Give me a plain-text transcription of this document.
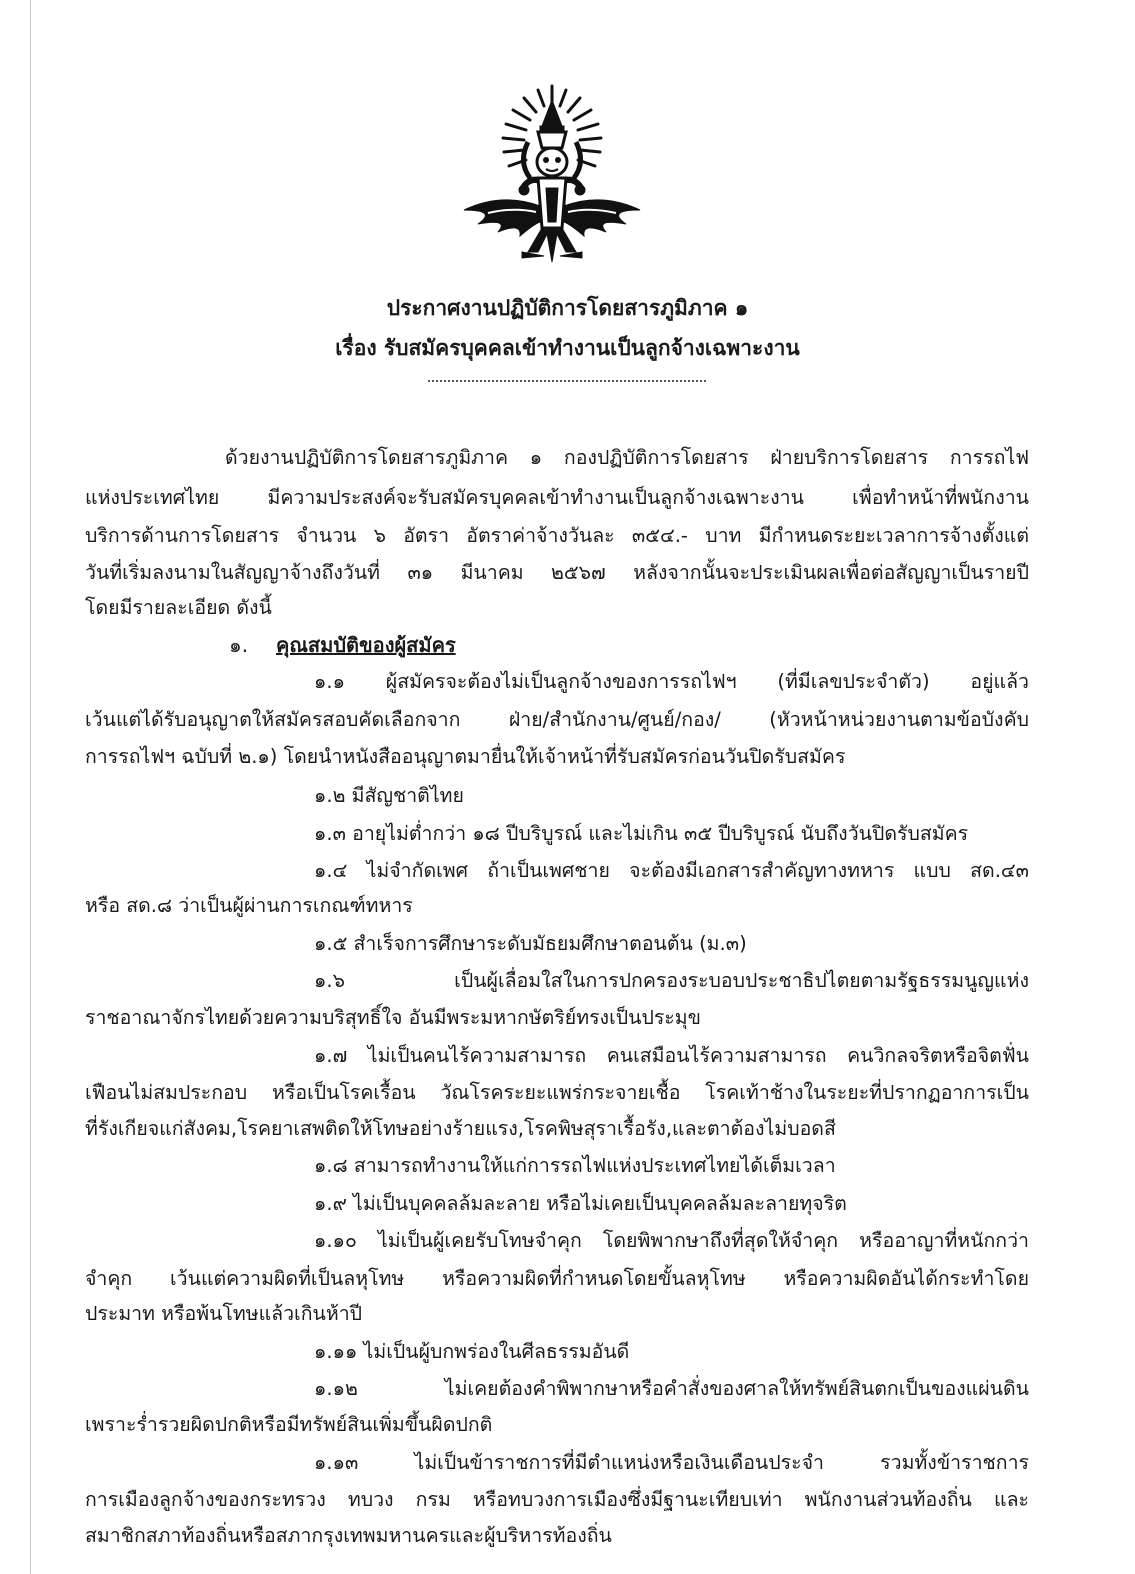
ประกาศงานปฏิบัติการโดยสารภูมิภาค ๑
เรื่อง รับสมัครบุคคลเข้าทำงานเป็นลูกจ้างเฉพาะงาน
ด้วยงานปฏิบัติการโดยสารภูมิภาค ๑ กองปฏิบัติการโดยสาร ฝ่ายบริการโดยสาร การรถไฟ
แห่งประเทศไทย มีความประสงค์จะรับสมัครบุคคลเข้าทำงานเป็นลูกจ้างเฉพาะงาน เพื่อทำหน้าที่พนักงาน
บริการด้านการโดยสาร จำนวน ๖ อัตรา อัตราค่าจ้างวันละ ๓๕๔.- บาท มีกำหนดระยะเวลาการจ้างตั้งแต่
วันที่เริ่มลงนามในสัญญาจ้างถึงวันที่ ๓๑ มีนาคม ๒๕๖๗ หลังจากนั้นจะประเมินผลเพื่อต่อสัญญาเป็นรายปี
โดยมีรายละเอียด ดังนี้
๑. คุณสมบัติของผู้สมัคร
๑.๑ ผู้สมัครจะต้องไม่เป็นลูกจ้างของการรถไฟฯ (ที่มีเลขประจำตัว) อยู่แล้ว
เว้นแต่ได้รับอนุญาตให้สมัครสอบคัดเลือกจาก ฝ่าย/สำนักงาน/ศูนย์/กอง/ (หัวหน้าหน่วยงานตามข้อบังคับ
การรถไฟฯ ฉบับที่ ๒.๑) โดยนำหนังสืออนุญาตมายื่นให้เจ้าหน้าที่รับสมัครก่อนวันปิดรับสมัคร
๑.๒ มีสัญชาติไทย
๑.๓ อายุไม่ต่ำกว่า ๑๘ ปีบริบูรณ์ และไม่เกิน ๓๕ ปีบริบูรณ์ นับถึงวันปิดรับสมัคร
๑.๔ ไม่จำกัดเพศ ถ้าเป็นเพศชาย จะต้องมีเอกสารสำคัญทางทหาร แบบ สด.๔๓
หรือ สด.๘ ว่าเป็นผู้ผ่านการเกณฑ์ทหาร
๑.๕ สำเร็จการศึกษาระดับมัธยมศึกษาตอนต้น (ม.๓)
๑.๖ เป็นผู้เลื่อมใสในการปกครองระบอบประชาธิปไตยตามรัฐธรรมนูญแห่ง
ราชอาณาจักรไทยด้วยความบริสุทธิ์ใจ อันมีพระมหากษัตริย์ทรงเป็นประมุข
๑.๗ ไม่เป็นคนไร้ความสามารถ คนเสมือนไร้ความสามารถ คนวิกลจริตหรือจิตฟั่น
เฟือนไม่สมประกอบ หรือเป็นโรคเรื้อน วัณโรคระยะแพร่กระจายเชื้อ โรคเท้าช้างในระยะที่ปรากฏอาการเป็น
ที่รังเกียจแก่สังคม,โรคยาเสพติดให้โทษอย่างร้ายแรง,โรคพิษสุราเรื้อรัง,และตาต้องไม่บอดสี
๑.๘ สามารถทำงานให้แก่การรถไฟแห่งประเทศไทยได้เต็มเวลา
๑.๙ ไม่เป็นบุคคลล้มละลาย หรือไม่เคยเป็นบุคคลล้มละลายทุจริต
๑.๑๐ ไม่เป็นผู้เคยรับโทษจำคุก โดยพิพากษาถึงที่สุดให้จำคุก หรืออาญาที่หนักกว่า
จำคุก เว้นแต่ความผิดที่เป็นลหุโทษ หรือความผิดที่กำหนดโดยขั้นลหุโทษ หรือความผิดอันได้กระทำโดย
ประมาท หรือพ้นโทษแล้วเกินห้าปี
๑.๑๑ ไม่เป็นผู้บกพร่องในศีลธรรมอันดี
๑.๑๒ ไม่เคยต้องคำพิพากษาหรือคำสั่งของศาลให้ทรัพย์สินตกเป็นของแผ่นดิน
เพราะร่ำรวยผิดปกติหรือมีทรัพย์สินเพิ่มขึ้นผิดปกติ
๑.๑๓ ไม่เป็นข้าราชการที่มีตำแหน่งหรือเงินเดือนประจำ รวมทั้งข้าราชการ
การเมืองลูกจ้างของกระทรวง ทบวง กรม หรือทบวงการเมืองซึ่งมีฐานะเทียบเท่า พนักงานส่วนท้องถิ่น และ
สมาชิกสภาท้องถิ่นหรือสภากรุงเทพมหานครและผู้บริหารท้องถิ่น
